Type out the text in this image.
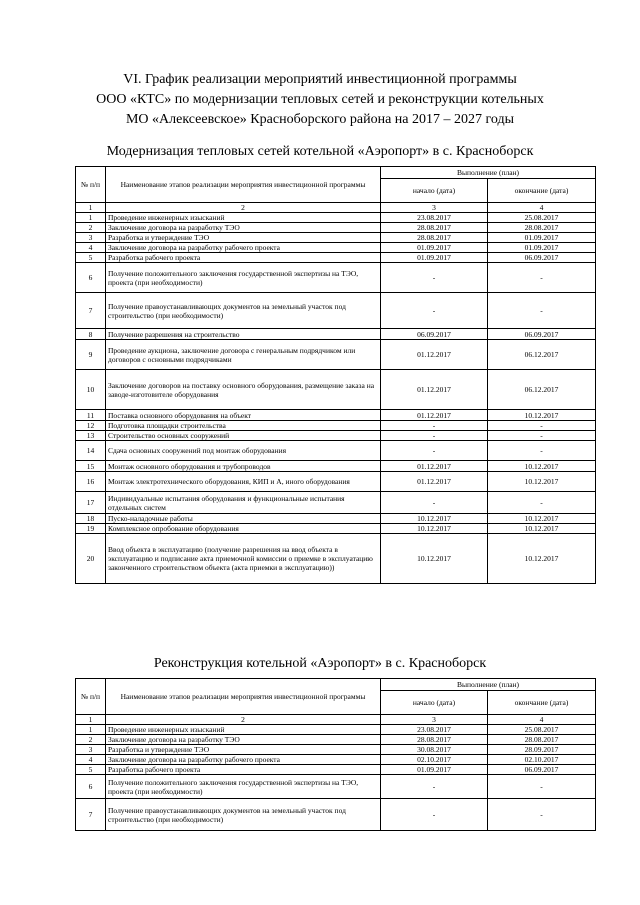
VI. График реализации мероприятий инвестиционной программы
ООО «КТС» по модернизации тепловых сетей и реконструкции котельных
МО «Алексеевское» Красноборского района на 2017 – 2027 годы
Модернизация тепловых сетей котельной «Аэропорт» в с. Красноборск
№ п/п	Наименование этапов реализации мероприятия инвестиционной программы	Выполнение (план)	
		начало (дата)	окончание (дата)
1	2	3	4
1	Проведение инженерных изысканий	23.08.2017	25.08.2017
2	Заключение договора на разработку ТЭО	28.08.2017	28.08.2017
3	Разработка и утверждение ТЭО	28.08.2017	01.09.2017
4	Заключение договора на разработку рабочего проекта	01.09.2017	01.09.2017
5	Разработка рабочего проекта	01.09.2017	06.09.2017
6	Получение положительного заключения государственной экспертизы на ТЭО, проекта (при необходимости)	-	-
7	Получение правоустанавливающих документов на земельный участок под строительство (при необходимости)	-	-
8	Получение разрешения на строительство	06.09.2017	06.09.2017
9	Проведение аукциона, заключение договора с генеральным подрядчиком или договоров с основными подрядчиками	01.12.2017	06.12.2017
10	Заключение договоров на поставку основного оборудования, размещение заказа на заводе-изготовителе оборудования	01.12.2017	06.12.2017
11	Поставка основного оборудования на объект	01.12.2017	10.12.2017
12	Подготовка площадки строительства	-	-
13	Строительство основных сооружений	-	-
14	Сдача основных сооружений под монтаж оборудования	-	-
15	Монтаж основного оборудования и трубопроводов	01.12.2017	10.12.2017
16	Монтаж электротехнического оборудования, КИП и А, иного оборудования	01.12.2017	10.12.2017
17	Индивидуальные испытания оборудования и функциональные испытания отдельных систем	-	-
18	Пуско-наладочные работы	10.12.2017	10.12.2017
19	Комплексное опробование оборудования	10.12.2017	10.12.2017
20	Ввод объекта в эксплуатацию (получение разрешения на ввод объекта в эксплуатацию и подписание акта приемочной комиссии о приемке в эксплуатацию законченного строительством объекта (акта приемки в эксплуатацию))	10.12.2017	10.12.2017
Реконструкция котельной «Аэропорт» в с. Красноборск
№ п/п	Наименование этапов реализации мероприятия инвестиционной программы	Выполнение (план)	
		начало (дата)	окончание (дата)
1	2	3	4
1	Проведение инженерных изысканий	23.08.2017	25.08.2017
2	Заключение договора на разработку ТЭО	28.08.2017	28.08.2017
3	Разработка и утверждение ТЭО	30.08.2017	28.09.2017
4	Заключение договора на разработку рабочего проекта	02.10.2017	02.10.2017
5	Разработка рабочего проекта	01.09.2017	06.09.2017
6	Получение положительного заключения государственной экспертизы на ТЭО, проекта (при необходимости)	-	-
7	Получение правоустанавливающих документов на земельный участок под строительство (при необходимости)	-	-
